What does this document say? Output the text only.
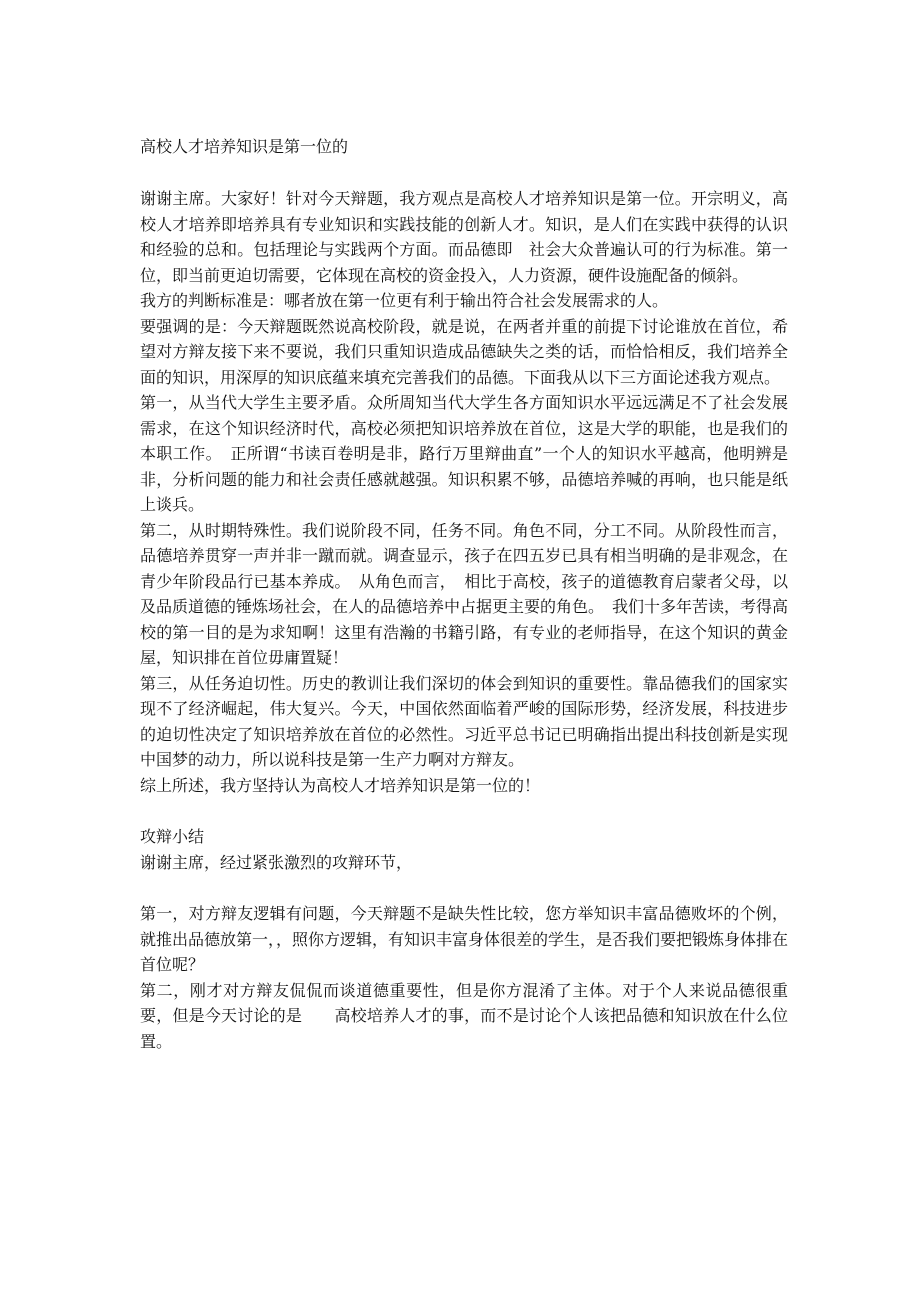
高校人才培养知识是第一位的

谢谢主席。大家好！针对今天辩题，我方观点是高校人才培养知识是第一位。开宗明义，高校人才培养即培养具有专业知识和实践技能的创新人才。知识，是人们在实践中获得的认识和经验的总和。包括理论与实践两个方面。而品德即　社会大众普遍认可的行为标准。第一位，即当前更迫切需要，它体现在高校的资金投入，人力资源，硬件设施配备的倾斜。

我方的判断标准是：哪者放在第一位更有利于输出符合社会发展需求的人。

要强调的是：今天辩题既然说高校阶段，就是说，在两者并重的前提下讨论谁放在首位，希望对方辩友接下来不要说，我们只重知识造成品德缺失之类的话，而恰恰相反，我们培养全面的知识，用深厚的知识底蕴来填充完善我们的品德。下面我从以下三方面论述我方观点。

第一，从当代大学生主要矛盾。众所周知当代大学生各方面知识水平远远满足不了社会发展需求，在这个知识经济时代，高校必须把知识培养放在首位，这是大学的职能，也是我们的本职工作。　正所谓“书读百卷明是非，路行万里辩曲直”一个人的知识水平越高，他明辨是非，分析问题的能力和社会责任感就越强。知识积累不够，品德培养喊的再响，也只能是纸上谈兵。

第二，从时期特殊性。我们说阶段不同，任务不同。角色不同，分工不同。从阶段性而言，品德培养贯穿一声并非一蹴而就。调查显示，孩子在四五岁已具有相当明确的是非观念，在青少年阶段品行已基本养成。　从角色而言，　相比于高校，孩子的道德教育启蒙者父母，以及品质道德的锤炼场社会，在人的品德培养中占据更主要的角色。　我们十多年苦读，考得高校的第一目的是为求知啊！这里有浩瀚的书籍引路，有专业的老师指导，在这个知识的黄金屋，知识排在首位毋庸置疑！

第三，从任务迫切性。历史的教训让我们深切的体会到知识的重要性。靠品德我们的国家实现不了经济崛起，伟大复兴。今天，中国依然面临着严峻的国际形势，经济发展，科技进步的迫切性决定了知识培养放在首位的必然性。习近平总书记已明确指出提出科技创新是实现中国梦的动力，所以说科技是第一生产力啊对方辩友。

综上所述，我方坚持认为高校人才培养知识是第一位的！

攻辩小结

谢谢主席，经过紧张激烈的攻辩环节，

第一，对方辩友逻辑有问题，今天辩题不是缺失性比较，您方举知识丰富品德败坏的个例，就推出品德放第一，，照你方逻辑，有知识丰富身体很差的学生，是否我们要把锻炼身体排在首位呢？

第二，刚才对方辩友侃侃而谈道德重要性，但是你方混淆了主体。对于个人来说品德很重要，但是今天讨论的是　　高校培养人才的事，而不是讨论个人该把品德和知识放在什么位置。
